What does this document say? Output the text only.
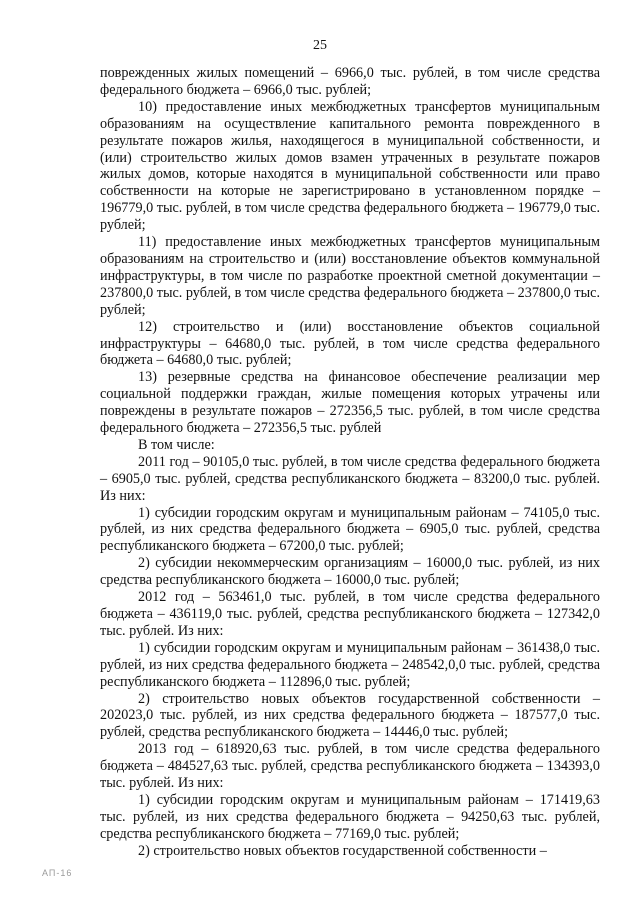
25

поврежденных жилых помещений – 6966,0 тыс. рублей, в том числе средства федерального бюджета – 6966,0 тыс. рублей;

10) предоставление иных межбюджетных трансфертов муниципальным образованиям на осуществление капитального ремонта поврежденного в результате пожаров жилья, находящегося в муниципальной собственности, и (или) строительство жилых домов взамен утраченных в результате пожаров жилых домов, которые находятся в муниципальной собственности или право собственности на которые не зарегистрировано в установленном порядке – 196779,0 тыс. рублей, в том числе средства федерального бюджета – 196779,0 тыс. рублей;

11) предоставление иных межбюджетных трансфертов муниципальным образованиям на строительство и (или) восстановление объектов коммунальной инфраструктуры, в том числе по разработке проектной сметной документации – 237800,0 тыс. рублей, в том числе средства федерального бюджета – 237800,0 тыс. рублей;

12) строительство и (или) восстановление объектов социальной инфраструктуры – 64680,0 тыс. рублей, в том числе средства федерального бюджета – 64680,0 тыс. рублей;

13) резервные средства на финансовое обеспечение реализации мер социальной поддержки граждан, жилые помещения которых утрачены или повреждены в результате пожаров – 272356,5 тыс. рублей, в том числе средства федерального бюджета – 272356,5 тыс. рублей

В том числе:

2011 год – 90105,0 тыс. рублей, в том числе средства федерального бюджета – 6905,0 тыс. рублей, средства республиканского бюджета – 83200,0 тыс. рублей. Из них:

1) субсидии городским округам и муниципальным районам – 74105,0 тыс. рублей, из них средства федерального бюджета – 6905,0 тыс. рублей, средства республиканского бюджета – 67200,0 тыс. рублей;

2) субсидии некоммерческим организациям – 16000,0 тыс. рублей, из них средства республиканского бюджета – 16000,0 тыс. рублей;

2012 год – 563461,0 тыс. рублей, в том числе средства федерального бюджета – 436119,0 тыс. рублей, средства республиканского бюджета – 127342,0 тыс. рублей. Из них:

1) субсидии городским округам и муниципальным районам – 361438,0 тыс. рублей, из них средства федерального бюджета – 248542,0,0 тыс. рублей, средства республиканского бюджета – 112896,0 тыс. рублей;

2) строительство новых объектов государственной собственности – 202023,0 тыс. рублей, из них средства федерального бюджета – 187577,0 тыс. рублей, средства республиканского бюджета – 14446,0 тыс. рублей;

2013 год – 618920,63 тыс. рублей, в том числе средства федерального бюджета – 484527,63 тыс. рублей, средства республиканского бюджета – 134393,0 тыс. рублей. Из них:

1) субсидии городским округам и муниципальным районам – 171419,63 тыс. рублей, из них средства федерального бюджета – 94250,63 тыс. рублей, средства республиканского бюджета – 77169,0 тыс. рублей;

2) строительство новых объектов государственной собственности –

АП-16
